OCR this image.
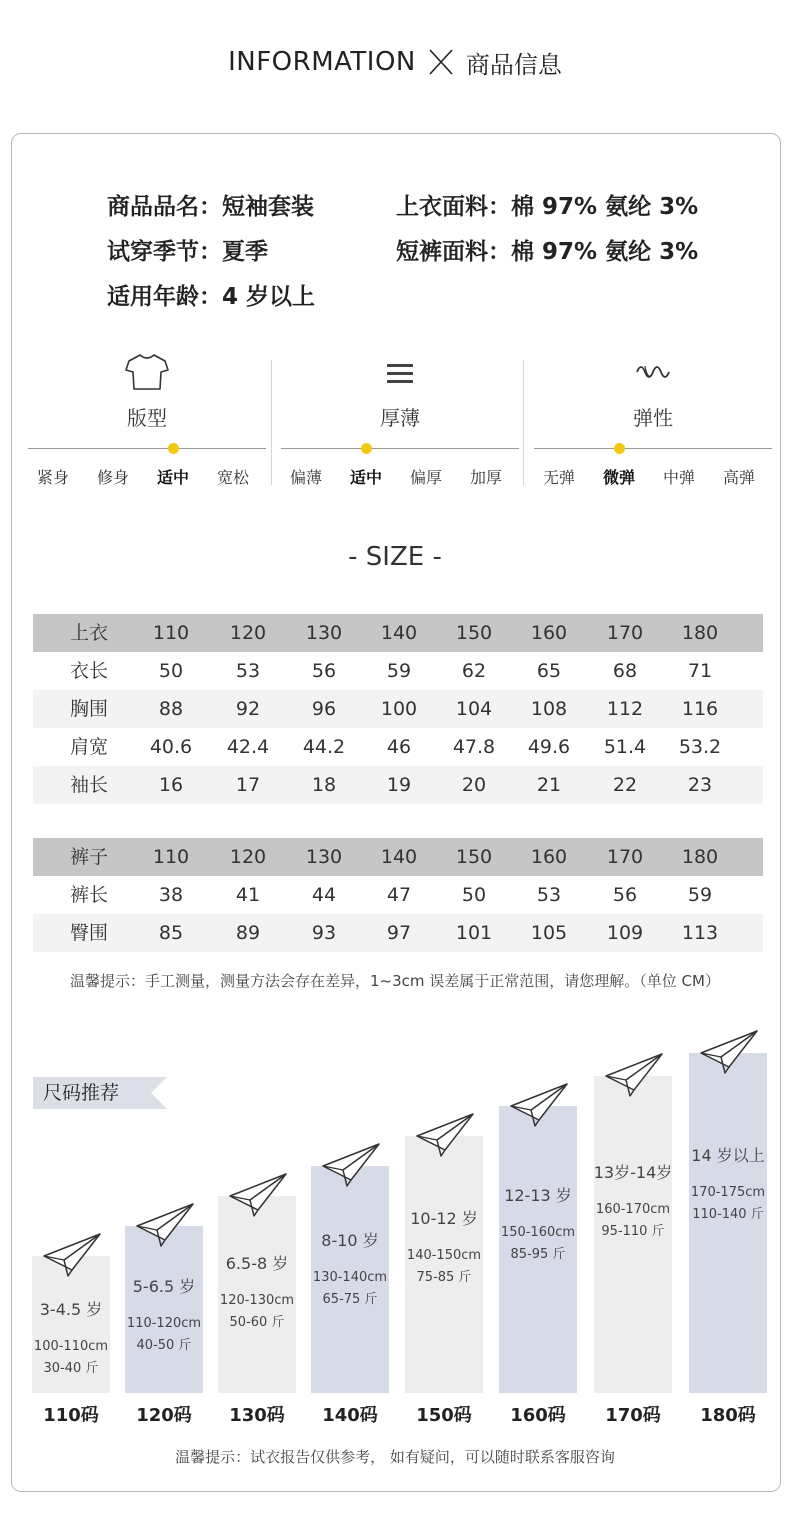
INFORMATION 商品信息
商品品名：短袖套装
试穿季节：夏季
适用年龄：4 岁以上
上衣面料：棉 97% 氨纶 3%
短裤面料：棉 97% 氨纶 3%
版型
紧身	修身	适中	宽松
厚薄
偏薄	适中	偏厚	加厚
弹性
无弹	微弹	中弹	高弹
- SIZE -
上衣	110	120	130	140	150	160	170	180
衣长	50	53	56	59	62	65	68	71
胸围	88	92	96	100	104	108	112	116
肩宽	40.6	42.4	44.2	46	47.8	49.6	51.4	53.2
袖长	16	17	18	19	20	21	22	23
裤子	110	120	130	140	150	160	170	180
裤长	38	41	44	47	50	53	56	59
臀围	85	89	93	97	101	105	109	113
温馨提示：手工测量，测量方法会存在差异，1~3cm 误差属于正常范围，请您理解。（单位 CM）
尺码推荐
3-4.5 岁
100-110cm
30-40 斤
110码
5-6.5 岁
110-120cm
40-50 斤
120码
6.5-8 岁
120-130cm
50-60 斤
130码
8-10 岁
130-140cm
65-75 斤
140码
10-12 岁
140-150cm
75-85 斤
150码
12-13 岁
150-160cm
85-95 斤
160码
13岁-14岁
160-170cm
95-110 斤
170码
14 岁以上
170-175cm
110-140 斤
180码
温馨提示：试衣报告仅供参考， 如有疑问，可以随时联系客服咨询
